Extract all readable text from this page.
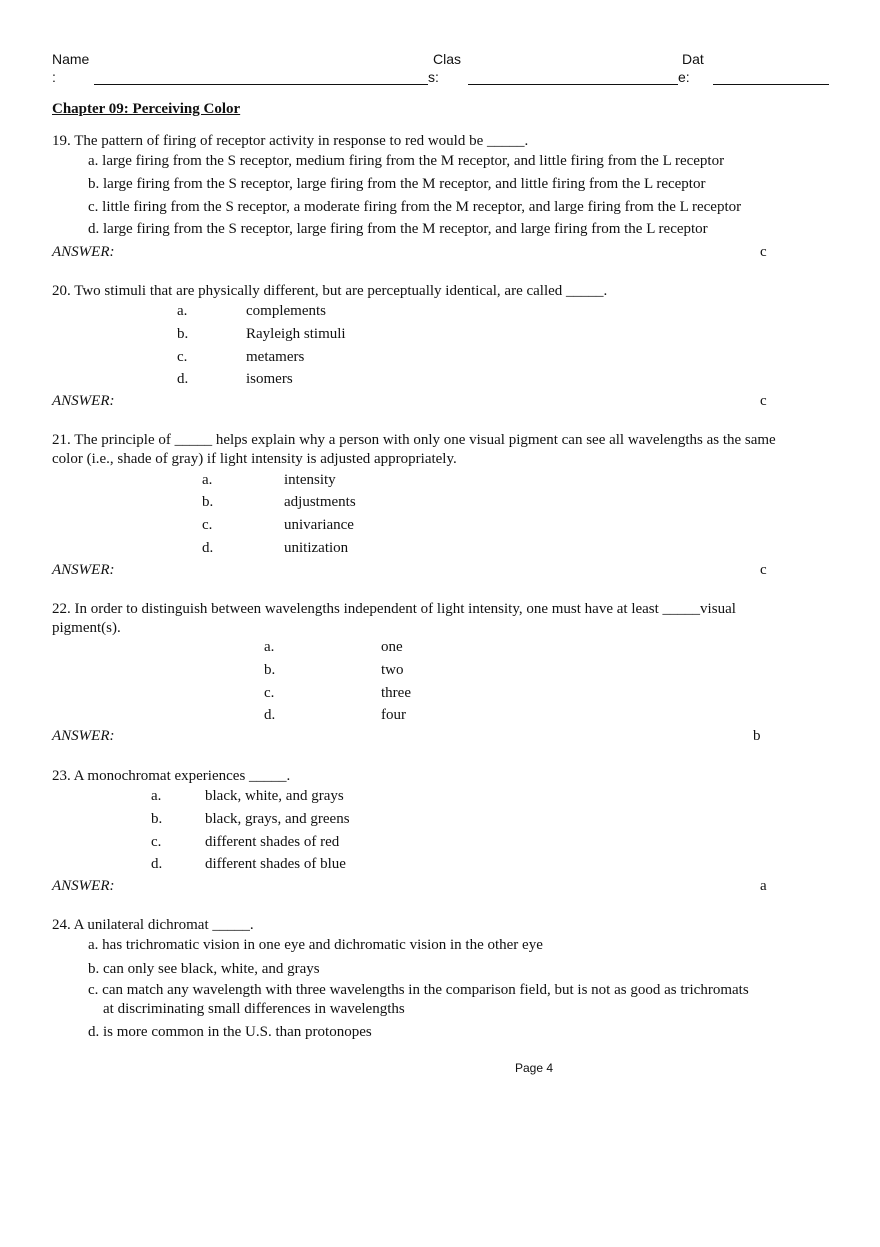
Name
:
Clas
s:
Dat
e:
Chapter 09: Perceiving Color
19. The pattern of firing of receptor activity in response to red would be _____.
a. large firing from the S receptor, medium firing from the M receptor, and little firing from the L receptor
b. large firing from the S receptor, large firing from the M receptor, and little firing from the L receptor
c. little firing from the S receptor, a moderate firing from the M receptor, and large firing from the L receptor
d. large firing from the S receptor, large firing from the M receptor, and large firing from the L receptor
ANSWER:	c
20. Two stimuli that are physically different, but are perceptually identical, are called _____.
a.	complements
b.	Rayleigh stimuli
c.	metamers
d.	isomers
ANSWER:	c
21. The principle of _____ helps explain why a person with only one visual pigment can see all wavelengths as the same
color (i.e., shade of gray) if light intensity is adjusted appropriately.
a.	intensity
b.	adjustments
c.	univariance
d.	unitization
ANSWER:	c
22. In order to distinguish between wavelengths independent of light intensity, one must have at least _____visual
pigment(s).
a.	one
b.	two
c.	three
d.	four
ANSWER:	b
23. A monochromat experiences _____.
a.	black, white, and grays
b.	black, grays, and greens
c.	different shades of red
d.	different shades of blue
ANSWER:	a
24. A unilateral dichromat _____.
a. has trichromatic vision in one eye and dichromatic vision in the other eye
b. can only see black, white, and grays
c. can match any wavelength with three wavelengths in the comparison field, but is not as good as trichromats
at discriminating small differences in wavelengths
d. is more common in the U.S. than protonopes
Page 4
